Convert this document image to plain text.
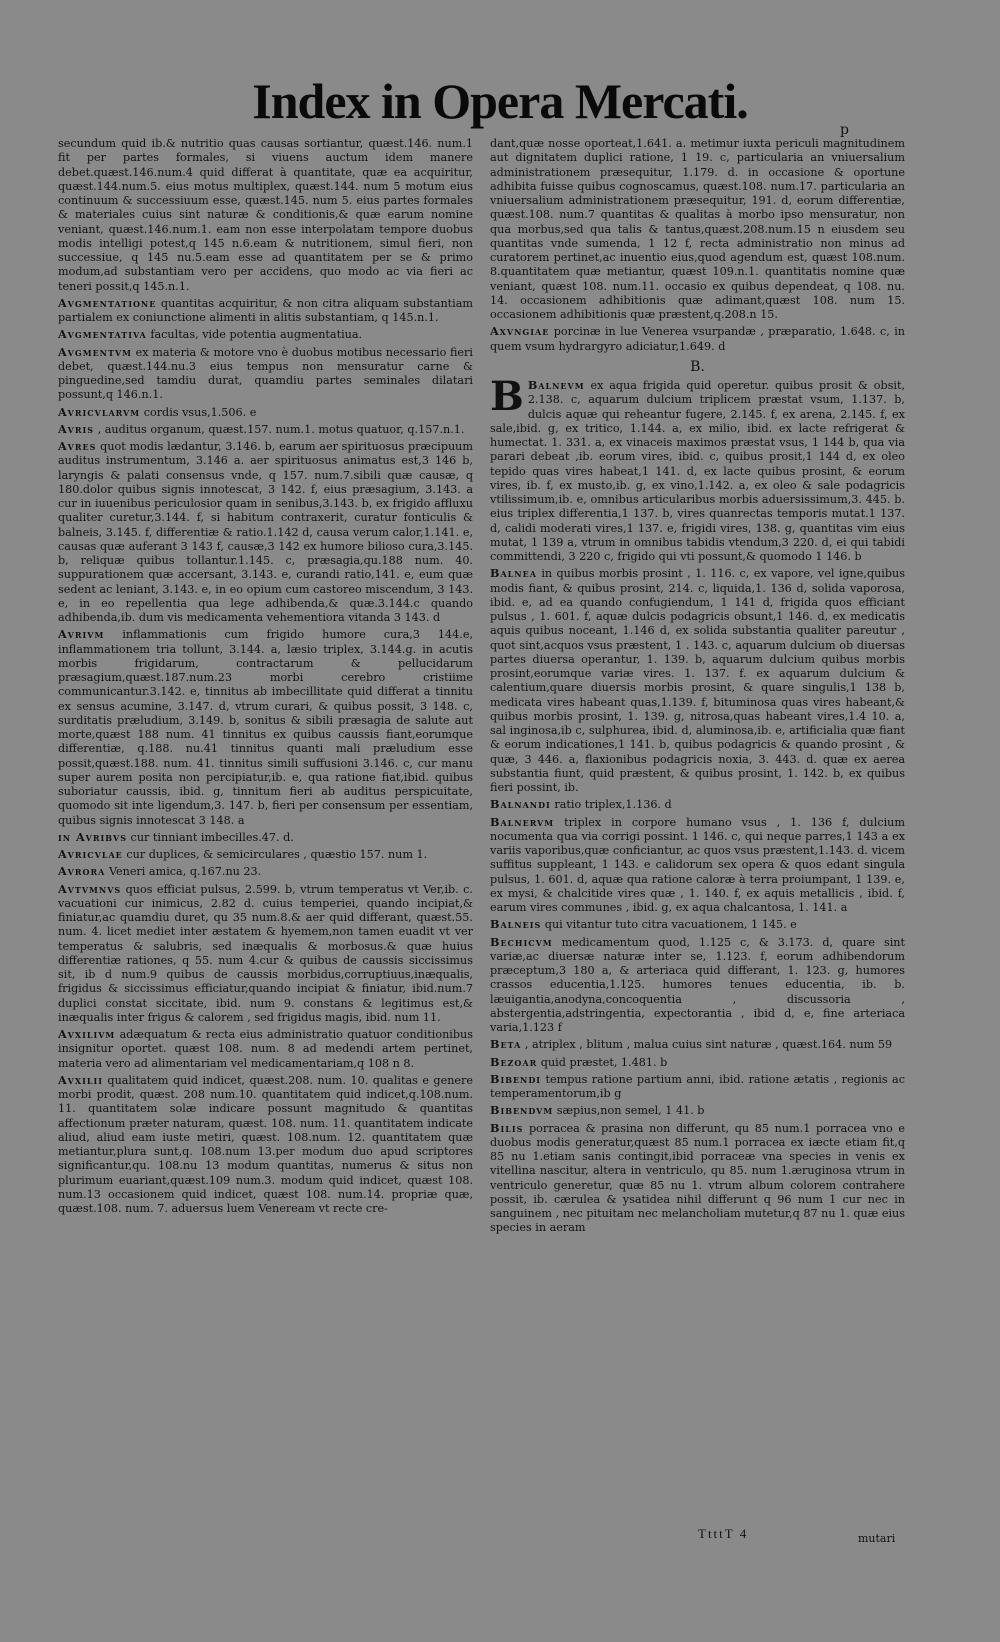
Index in Opera Mercati.
p
secundum quid ib.& nutritio quas causas sortiantur, quæst.146. num.1 fit per partes formales, si viuens auctum idem manere debet.quæst.146.num.4 quid differat à quantitate, quæ ea acquiritur, quæst.144.num.5. eius motus multiplex, quæst.144. num 5 motum eius continuum & successiuum esse, quæst.145. num 5. eius partes formales & materiales cuius sint naturæ & conditionis,& quæ earum nomine veniant, quæst.146.num.1. eam non esse interpolatam tempore duobus modis intelligi potest,q 145 n.6.eam & nutritionem, simul fieri, non successiue, q 145 nu.5.eam esse ad quantitatem per se & primo modum,ad substantiam vero per accidens, quo modo ac via fieri ac teneri possit,q 145.n.1.
Avgmentatione quantitas acquiritur, & non citra aliquam substantiam partialem ex coniunctione alimenti in alitis substantiam, q 145.n.1.
Avgmentativa facultas, vide potentia augmentatiua.
Avgmentvm ex materia & motore vno è duobus motibus necessario fieri debet, quæst.144.nu.3 eius tempus non mensuratur carne & pinguedine,sed tamdiu durat, quamdiu partes seminales dilatari possunt,q 146.n.1.
Avricvlarvm cordis vsus,1.506. e
Avris , auditus organum, quæst.157. num.1. motus quatuor, q.157.n.1.
Avres quot modis lædantur, 3.146. b, earum aer spirituosus præcipuum auditus instrumentum, 3.146 a. aer spirituosus animatus est,3 146 b, laryngis & palati consensus vnde, q 157. num.7.sibili quæ causæ, q 180.dolor quibus signis innotescat, 3 142. f, eius præsagium, 3.143. a cur in iuuenibus periculosior quam in senibus,3.143. b, ex frigido affluxu qualiter curetur,3.144. f, si habitum contraxerit, curatur fonticulis & balneis, 3.145. f, differentiæ & ratio.1.142 d, causa verum calor,1.141. e, causas quæ auferant 3 143 f, causæ,3 142 ex humore bilioso cura,3.145. b, reliquæ quibus tollantur.1.145. c, præsagia,qu.188 num. 40. suppurationem quæ accersant, 3.143. e, curandi ratio,141. e, eum quæ sedent ac leniant, 3.143. e, in eo opium cum castoreo miscendum, 3 143. e, in eo repellentia qua lege adhibenda,& quæ.3.144.c quando adhibenda,ib. dum vis medicamenta vehementiora vitanda 3 143. d
Avrivm inflammationis cum frigido humore cura,3 144.e, inflammationem tria tollunt, 3.144. a, læsio triplex, 3.144.g. in acutis morbis frigidarum, contractarum & pellucidarum præsagium,quæst.187.num.23 morbi cerebro cristiime communicantur.3.142. e, tinnitus ab imbecillitate quid differat a tinnitu ex sensus acumine, 3.147. d, vtrum curari, & quibus possit, 3 148. c, surditatis præludium, 3.149. b, sonitus & sibili præsagia de salute aut morte,quæst 188 num. 41 tinnitus ex quibus caussis fiant,eorumque differentiæ, q.188. nu.41 tinnitus quanti mali præludium esse possit,quæst.188. num. 41. tinnitus simili suffusioni 3.146. c, cur manu super aurem posita non percipiatur,ib. e, qua ratione fiat,ibid. quibus suboriatur caussis, ibid. g, tinnitum fieri ab auditus perspicuitate, quomodo sit inte ligendum,3. 147. b, fieri per consensum per essentiam, quibus signis innotescat 3 148. a
in Avribvs cur tinniant imbecilles.47. d.
Avricvlae cur duplices, & semicirculares , quæstio 157. num 1.
Avrora Veneri amica, q.167.nu 23.
Avtvmnvs quos efficiat pulsus, 2.599. b, vtrum temperatus vt Ver,ib. c. vacuationi cur inimicus, 2.82 d. cuius temperiei, quando incipiat,& finiatur,ac quamdiu duret, qu 35 num.8.& aer quid differant, quæst.55. num. 4. licet mediet inter æstatem & hyemem,non tamen euadit vt ver temperatus & salubris, sed inæqualis & morbosus.& quæ huius differentiæ rationes, q 55. num 4.cur & quibus de caussis siccissimus sit, ib d num.9 quibus de caussis morbidus,corruptiuus,inæqualis, frigidus & siccissimus efficiatur,quando incipiat & finiatur, ibid.num.7 duplici constat siccitate, ibid. num 9. constans & legitimus est,& inæqualis inter frigus & calorem , sed frigidus magis, ibid. num 11.
Avxilivm adæquatum & recta eius administratio quatuor conditionibus insignitur oportet. quæst 108. num. 8 ad medendi artem pertinet, materia vero ad alimentariam vel medicamentariam,q 108 n 8.
Avxilii qualitatem quid indicet, quæst.208. num. 10. qualitas e genere morbi prodit, quæst. 208 num.10. quantitatem quid indicet,q.108.num. 11. quantitatem solæ indicare possunt magnitudo & quantitas affectionum præter naturam, quæst. 108. num. 11. quantitatem indicate aliud, aliud eam iuste metiri, quæst. 108.num. 12. quantitatem quæ metiantur,plura sunt,q. 108.num 13.per modum duo apud scriptores significantur,qu. 108.nu 13 modum quantitas, numerus & situs non plurimum euariant,quæst.109 num.3. modum quid indicet, quæst 108. num.13 occasionem quid indicet, quæst 108. num.14. propriæ quæ, quæst.108. num. 7. aduersus luem Veneream vt recte cre-
dant,quæ nosse oporteat,1.641. a. metimur iuxta periculi magnitudinem aut dignitatem duplici ratione, 1 19. c, particularia an vniuersalium administrationem præsequitur, 1.179. d. in occasione & oportune adhibita fuisse quibus cognoscamus, quæst.108. num.17. particularia an vniuersalium administrationem præsequitur, 191. d, eorum differentiæ, quæst.108. num.7 quantitas & qualitas à morbo ipso mensuratur, non qua morbus,sed qua talis & tantus,quæst.208.num.15 n eiusdem seu quantitas vnde sumenda, 1 12 f, recta administratio non minus ad curatorem pertinet,ac inuentio eius,quod agendum est, quæst 108.num. 8.quantitatem quæ metiantur, quæst 109.n.1. quantitatis nomine quæ veniant, quæst 108. num.11. occasio ex quibus dependeat, q 108. nu. 14. occasionem adhibitionis quæ adimant,quæst 108. num 15. occasionem adhibitionis quæ præstent,q.208.n 15.
Axvngiae porcinæ in lue Venerea vsurpandæ , præparatio, 1.648. c, in quem vsum hydrargyro adiciatur,1.649. d
B.
B Balnevm ex aqua frigida quid operetur. quibus prosit & obsit, 2.138. c, aquarum dulcium triplicem præstat vsum, 1.137. b, dulcis aquæ qui reheantur fugere, 2.145. f, ex arena, 2.145. f, ex sale,ibid. g, ex tritico, 1.144. a, ex milio, ibid. ex lacte refrigerat & humectat. 1. 331. a, ex vinaceis maximos præstat vsus, 1 144 b, qua via parari debeat ,ib. eorum vires, ibid. c, quibus prosit,1 144 d, ex oleo tepido quas vires habeat,1 141. d, ex lacte quibus prosint, & eorum vires, ib. f, ex musto,ib. g, ex vino,1.142. a, ex oleo & sale podagricis vtilissimum,ib. e, omnibus articularibus morbis aduersissimum,3. 445. b. eius triplex differentia,1 137. b, vires quanrectas temporis mutat.1 137. d, calidi moderati vires,1 137. e, frigidi vires, 138. g, quantitas vim eius mutat, 1 139 a, vtrum in omnibus tabidis vtendum,3 220. d, ei qui tabidi committendi, 3 220 c, frigido qui vti possunt,& quomodo 1 146. b
Balnea in quibus morbis prosint , 1. 116. c, ex vapore, vel igne,quibus modis fiant, & quibus prosint, 214. c, liquida,1. 136 d, solida vaporosa, ibid. e, ad ea quando confugiendum, 1 141 d, frigida quos efficiant pulsus , 1. 601. f, aquæ dulcis podagricis obsunt,1 146. d, ex medicatis aquis quibus noceant, 1.146 d, ex solida substantia qualiter pareutur , quot sint,acquos vsus præstent, 1 . 143. c, aquarum dulcium ob diuersas partes diuersa operantur, 1. 139. b, aquarum dulcium quibus morbis prosint,eorumque variæ vires. 1. 137. f. ex aquarum dulcium & calentium,quare diuersis morbis prosint, & quare singulis,1 138 b, medicata vires habeant quas,1.139. f, bituminosa quas vires habeant,& quibus morbis prosint, 1. 139. g, nitrosa,quas habeant vires,1.4 10. a, sal inginosa,ib c, sulphurea, ibid. d, aluminosa,ib. e, artificialia quæ fiant & eorum indicationes,1 141. b, quibus podagricis & quando prosint , & quæ, 3 446. a, flaxionibus podagricis noxia, 3. 443. d. quæ ex aerea substantia fiunt, quid præstent, & quibus prosint, 1. 142. b, ex quibus fieri possint, ib.
Balnandi ratio triplex,1.136. d
Balnervm triplex in corpore humano vsus , 1. 136 f, dulcium nocumenta qua via corrigi possint. 1 146. c, qui neque parres,1 143 a ex variis vaporibus,quæ conficiantur, ac quos vsus præstent,1.143. d. vicem suffitus suppleant, 1 143. e calidorum sex opera & quos edant singula pulsus, 1. 601. d, aquæ qua ratione caloræ à terra proiumpant, 1 139. e, ex mysi, & chalcitide vires quæ , 1. 140. f, ex aquis metallicis , ibid. f, earum vires communes , ibid. g, ex aqua chalcantosa, 1. 141. a
Balneis qui vitantur tuto citra vacuationem, 1 145. e
Bechicvm medicamentum quod, 1.125 c, & 3.173. d, quare sint variæ,ac diuersæ naturæ inter se, 1.123. f, eorum adhibendorum præceptum,3 180 a, & arteriaca quid differant, 1. 123. g, humores crassos educentia,1.125. humores tenues educentia, ib. b. læuigantia,anodyna,concoquentia , discussoria , abstergentia,adstringentia, expectorantia , ibid d, e, fine arteriaca varia,1.123 f
Beta , atriplex , blitum , malua cuius sint naturæ , quæst.164. num 59
Bezoar quid præstet, 1.481. b
Bibendi tempus ratione partium anni, ibid. ratione ætatis , regionis ac temperamentorum,ib g
Bibendvm sæpius,non semel, 1 41. b
Bilis porracea & prasina non differunt, qu 85 num.1 porracea vno e duobus modis generatur,quæst 85 num.1 porracea ex iæcte etiam fit,q 85 nu 1.etiam sanis contingit,ibid porraceæ vna species in venis ex vitellina nascitur, altera in ventriculo, qu 85. num 1.æruginosa vtrum in ventriculo generetur, quæ 85 nu 1. vtrum album colorem contrahere possit, ib. cærulea & ysatidea nihil differunt q 96 num 1 cur nec in sanguinem , nec pituitam nec melancholiam mutetur,q 87 nu 1. quæ eius species in aeram
TtttT 4	mutari
